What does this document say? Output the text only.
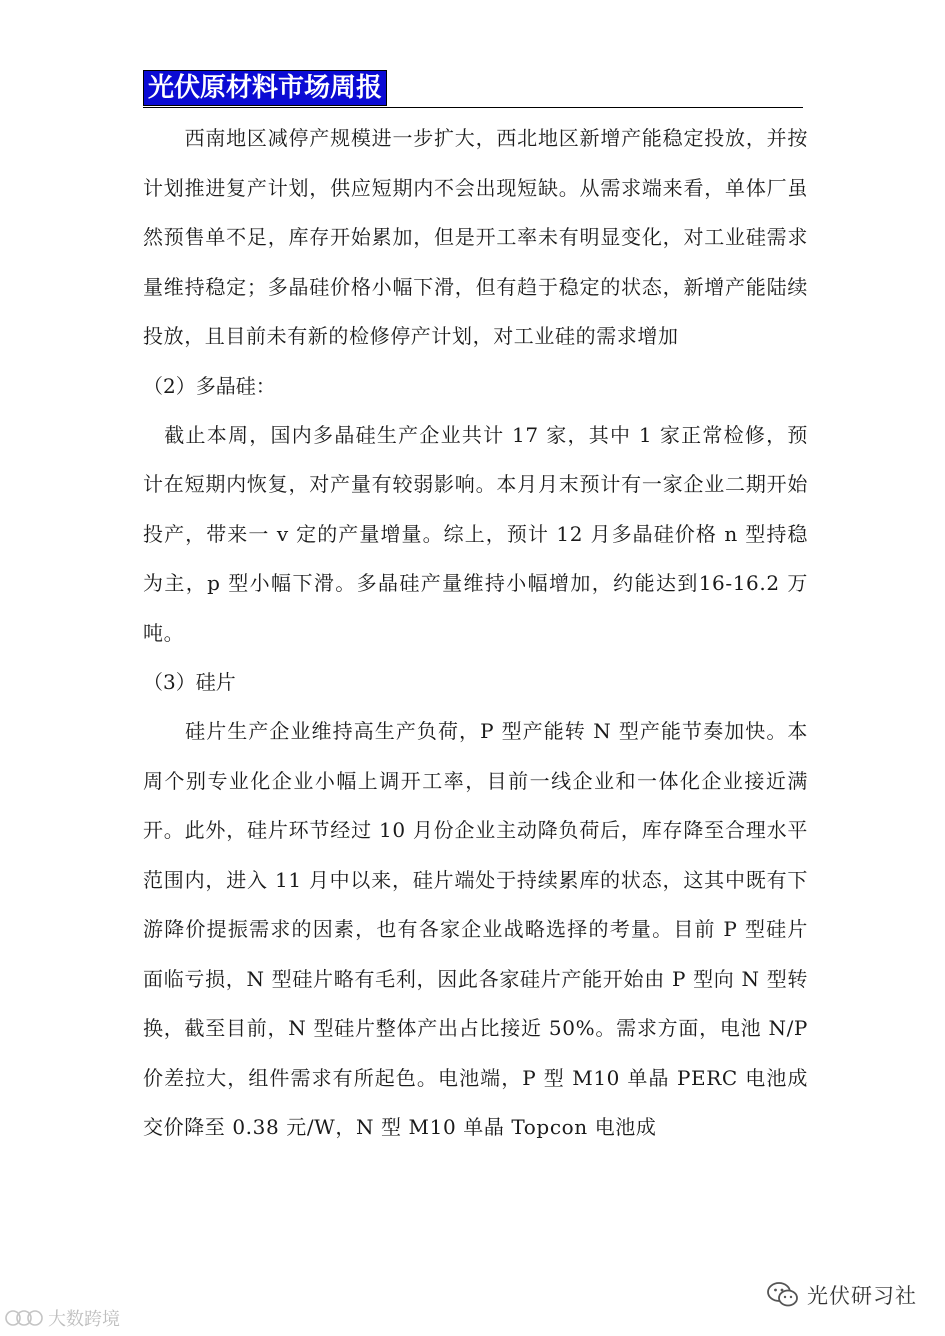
光伏原材料市场周报

　　西南地区减停产规模进一步扩大，西北地区新增产能稳定投放，并按计划推进复产计划，供应短期内不会出现短缺。从需求端来看，单体厂虽然预售单不足，库存开始累加，但是开工率未有明显变化，对工业硅需求量维持稳定；多晶硅价格小幅下滑，但有趋于稳定的状态，新增产能陆续投放，且目前未有新的检修停产计划，对工业硅的需求增加

（2）多晶硅：

　截止本周，国内多晶硅生产企业共计 17 家，其中 1 家正常检修，预计在短期内恢复，对产量有较弱影响。本月月末预计有一家企业二期开始投产，带来一 v 定的产量增量。综上，预计 12 月多晶硅价格 n 型持稳为主，p 型小幅下滑。多晶硅产量维持小幅增加，约能达到16-16.2 万吨。

（3）硅片

　　硅片生产企业维持高生产负荷，P 型产能转 N 型产能节奏加快。本周个别专业化企业小幅上调开工率，目前一线企业和一体化企业接近满开。此外，硅片环节经过 10 月份企业主动降负荷后，库存降至合理水平范围内，进入 11 月中以来，硅片端处于持续累库的状态，这其中既有下游降价提振需求的因素，也有各家企业战略选择的考量。目前 P 型硅片面临亏损，N 型硅片略有毛利，因此各家硅片产能开始由 P 型向 N 型转换，截至目前，N 型硅片整体产出占比接近 50%。需求方面，电池 N/P 价差拉大，组件需求有所起色。电池端，P 型 M10 单晶 PERC 电池成交价降至 0.38 元/W，N 型 M10 单晶 Topcon 电池成

光伏研习社
大数跨境
